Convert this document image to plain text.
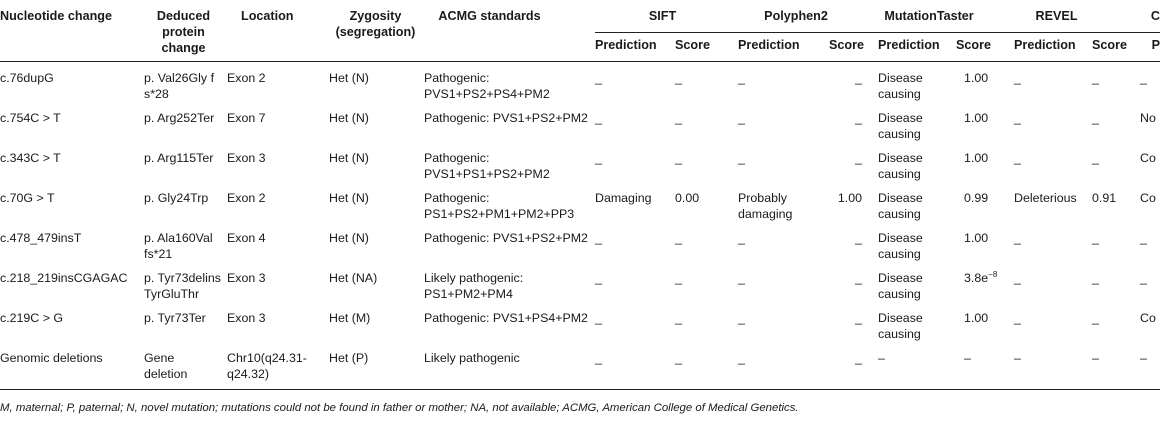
Nucleotide change	Deduced protein change	Location	Zygosity (segregation)	ACMG standards	SIFT		Polyphen2		MutationTaster		REVEL		C
					Prediction	Score	Prediction	Score	Prediction	Score	Prediction	Score	P
c.76dupG	p. Val26Gly f s*28	Exon 2	Het (N)	Pathogenic: PVS1+PS2+PS4+PM2	_	_	_	_	Disease causing	1.00	_	_	_
c.754C > T	p. Arg252Ter	Exon 7	Het (N)	Pathogenic: PVS1+PS2+PM2	_	_	_	_	Disease causing	1.00	_	_	No
c.343C > T	p. Arg115Ter	Exon 3	Het (N)	Pathogenic: PVS1+PS1+PS2+PM2	_	_	_	_	Disease causing	1.00	_	_	Co
c.70G > T	p. Gly24Trp	Exon 2	Het (N)	Pathogenic: PS1+PS2+PM1+PM2+PP3	Damaging	0.00	Probably damaging	1.00	Disease causing	0.99	Deleterious	0.91	Co
c.478_479insT	p. Ala160Val fs*21	Exon 4	Het (N)	Pathogenic: PVS1+PS2+PM2	_	_	_	_	Disease causing	1.00	_	_	_
c.218_219insCGAGAC	p. Tyr73delins TyrGluThr	Exon 3	Het (NA)	Likely pathogenic: PS1+PM2+PM4	_	_	_	_	Disease causing	$3.8e^{-8}$	_	_	_
c.219C > G	p. Tyr73Ter	Exon 3	Het (M)	Pathogenic: PVS1+PS4+PM2	_	_	_	_	Disease causing	1.00	_	_	Co
Genomic deletions	Gene deletion	Chr10(q24.31-q24.32)	Het (P)	Likely pathogenic	_	_	_	_	–	–	–	–	–
M, maternal; P, paternal; N, novel mutation; mutations could not be found in father or mother; NA, not available; ACMG, American College of Medical Genetics.
